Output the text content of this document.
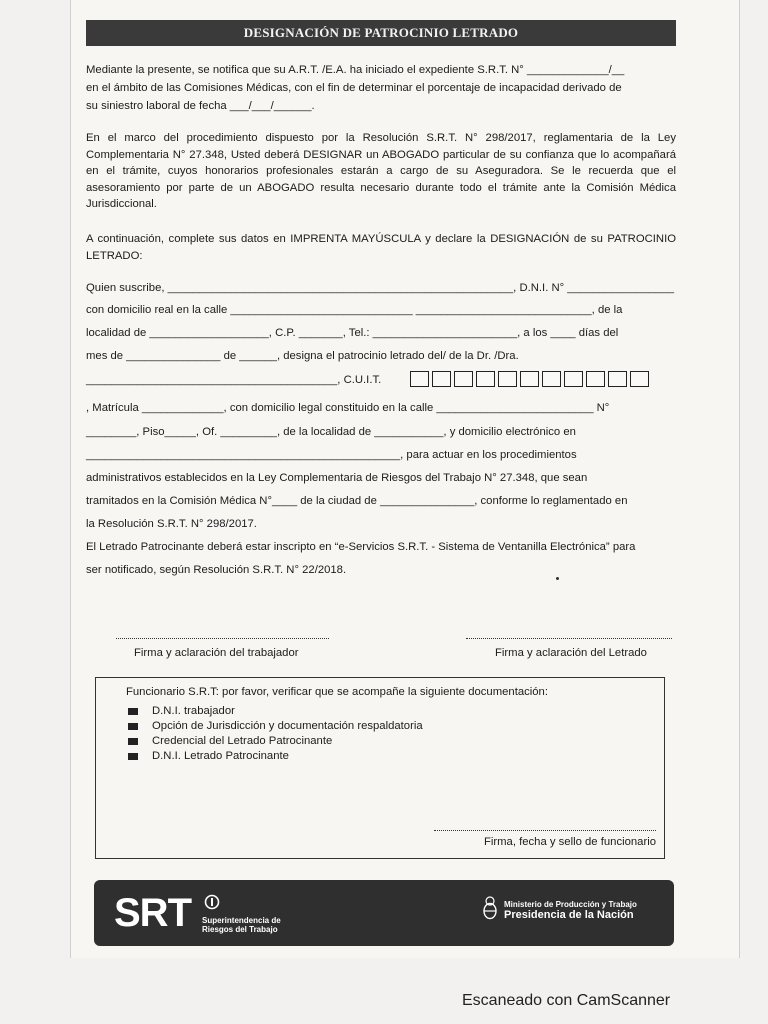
DESIGNACIÓN DE PATROCINIO LETRADO
Mediante la presente, se notifica que su A.R.T. /E.A. ha iniciado el expediente S.R.T. N° _____________/__
en el ámbito de las Comisiones Médicas, con el fin de determinar el porcentaje de incapacidad derivado de
su siniestro laboral de fecha ___/___/______.
En el marco del procedimiento dispuesto por la Resolución S.R.T. N° 298/2017, reglamentaria de la Ley Complementaria N° 27.348, Usted deberá DESIGNAR un ABOGADO particular de su confianza que lo acompañará en el trámite, cuyos honorarios profesionales estarán a cargo de su Aseguradora. Se le recuerda que el asesoramiento por parte de un ABOGADO resulta necesario durante todo el trámite ante la Comisión Médica Jurisdiccional.
A continuación, complete sus datos en IMPRENTA MAYÚSCULA y declare la DESIGNACIÓN de su PATROCINIO LETRADO:
Quien suscribe, _______________________________________________________, D.N.I. N° _________________
con domicilio real en la calle _____________________________ ____________________________, de la
localidad de ___________________, C.P. _______, Tel.: _______________________, a los ____ días del
mes de _______________ de ______, designa el patrocinio letrado del/ de la Dr. /Dra.
________________________________________, C.U.I.T.
, Matrícula _____________, con domicilio legal constituido en la calle _________________________ N°
________, Piso_____, Of. _________, de la localidad de ___________, y domicilio electrónico en
__________________________________________________, para actuar en los procedimientos
administrativos establecidos en la Ley Complementaria de Riesgos del Trabajo N° 27.348, que sean
tramitados en la Comisión Médica N°____ de la ciudad de _______________, conforme lo reglamentado en
la Resolución S.R.T. N° 298/2017.
El Letrado Patrocinante deberá estar inscripto en “e-Servicios S.R.T. - Sistema de Ventanilla Electrónica” para
ser notificado, según Resolución S.R.T. N° 22/2018.
Firma y aclaración del trabajador	Firma y aclaración del Letrado
Funcionario S.R.T: por favor, verificar que se acompañe la siguiente documentación:
D.N.I. trabajador
Opción de Jurisdicción y documentación respaldatoria
Credencial del Letrado Patrocinante
D.N.I. Letrado Patrocinante
Firma, fecha y sello de funcionario
SRT Superintendencia de
Riesgos del Trabajo
Ministerio de Producción y Trabajo
Presidencia de la Nación
Escaneado con CamScanner
